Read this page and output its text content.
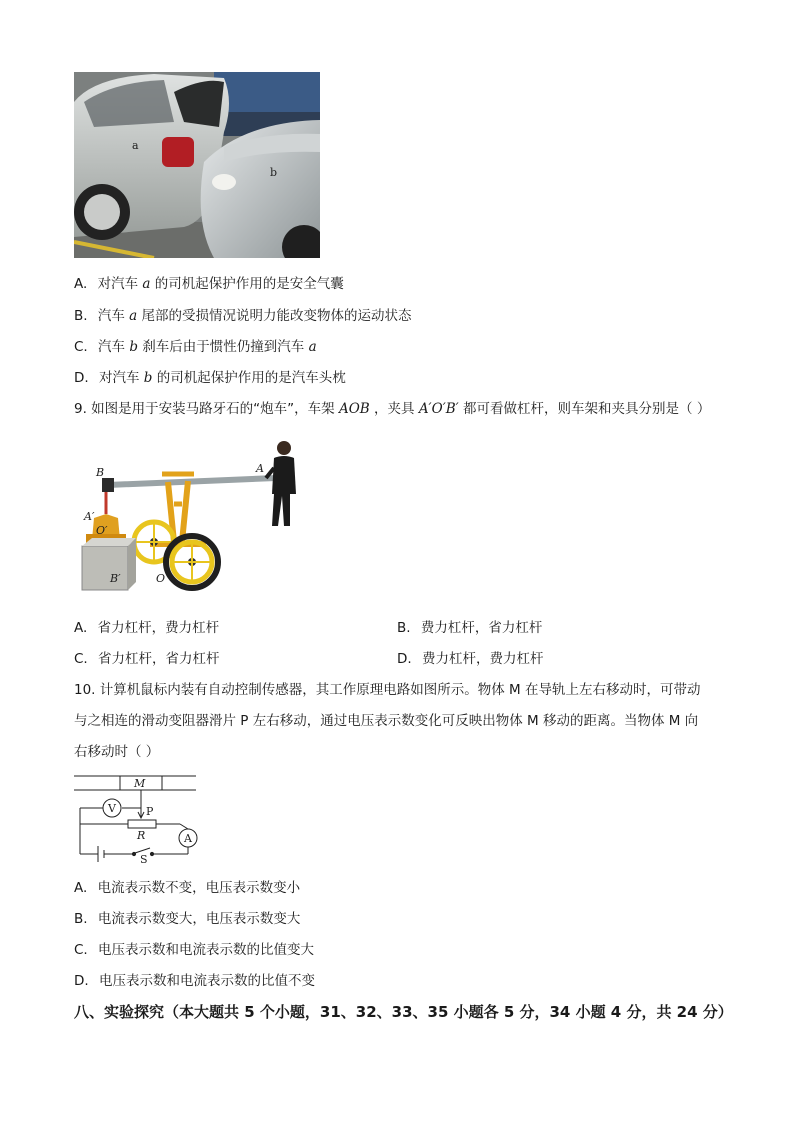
a
b
A. 对汽车 a 的司机起保护作用的是安全气囊
B. 汽车 a 尾部的受损情况说明力能改变物体的运动状态
C. 汽车 b 刹车后由于惯性仍撞到汽车 a
D. 对汽车 b 的司机起保护作用的是汽车头枕
9. 如图是用于安装马路牙石的“炮车”，车架 AOB ，夹具 A′O′B′ 都可看做杠杆，则车架和夹具分别是（ ）
B	A
A′
O′
B′	O
A. 省力杠杆，费力杠杆	B. 费力杠杆，省力杠杆
C. 省力杠杆，省力杠杆	D. 费力杠杆，费力杠杆
10. 计算机鼠标内装有自动控制传感器，其工作原理电路如图所示。物体 M 在导轨上左右移动时，可带动
与之相连的滑动变阻器滑片 P 左右移动，通过电压表示数变化可反映出物体 M 移动的距离。当物体 M 向
右移动时（ ）
M
V	P
R	A
S
A. 电流表示数不变，电压表示数变小
B. 电流表示数变大，电压表示数变大
C. 电压表示数和电流表示数的比值变大
D. 电压表示数和电流表示数的比值不变
八、实验探究（本大题共 5 个小题，31、32、33、35 小题各 5 分，34 小题 4 分，共 24 分）
